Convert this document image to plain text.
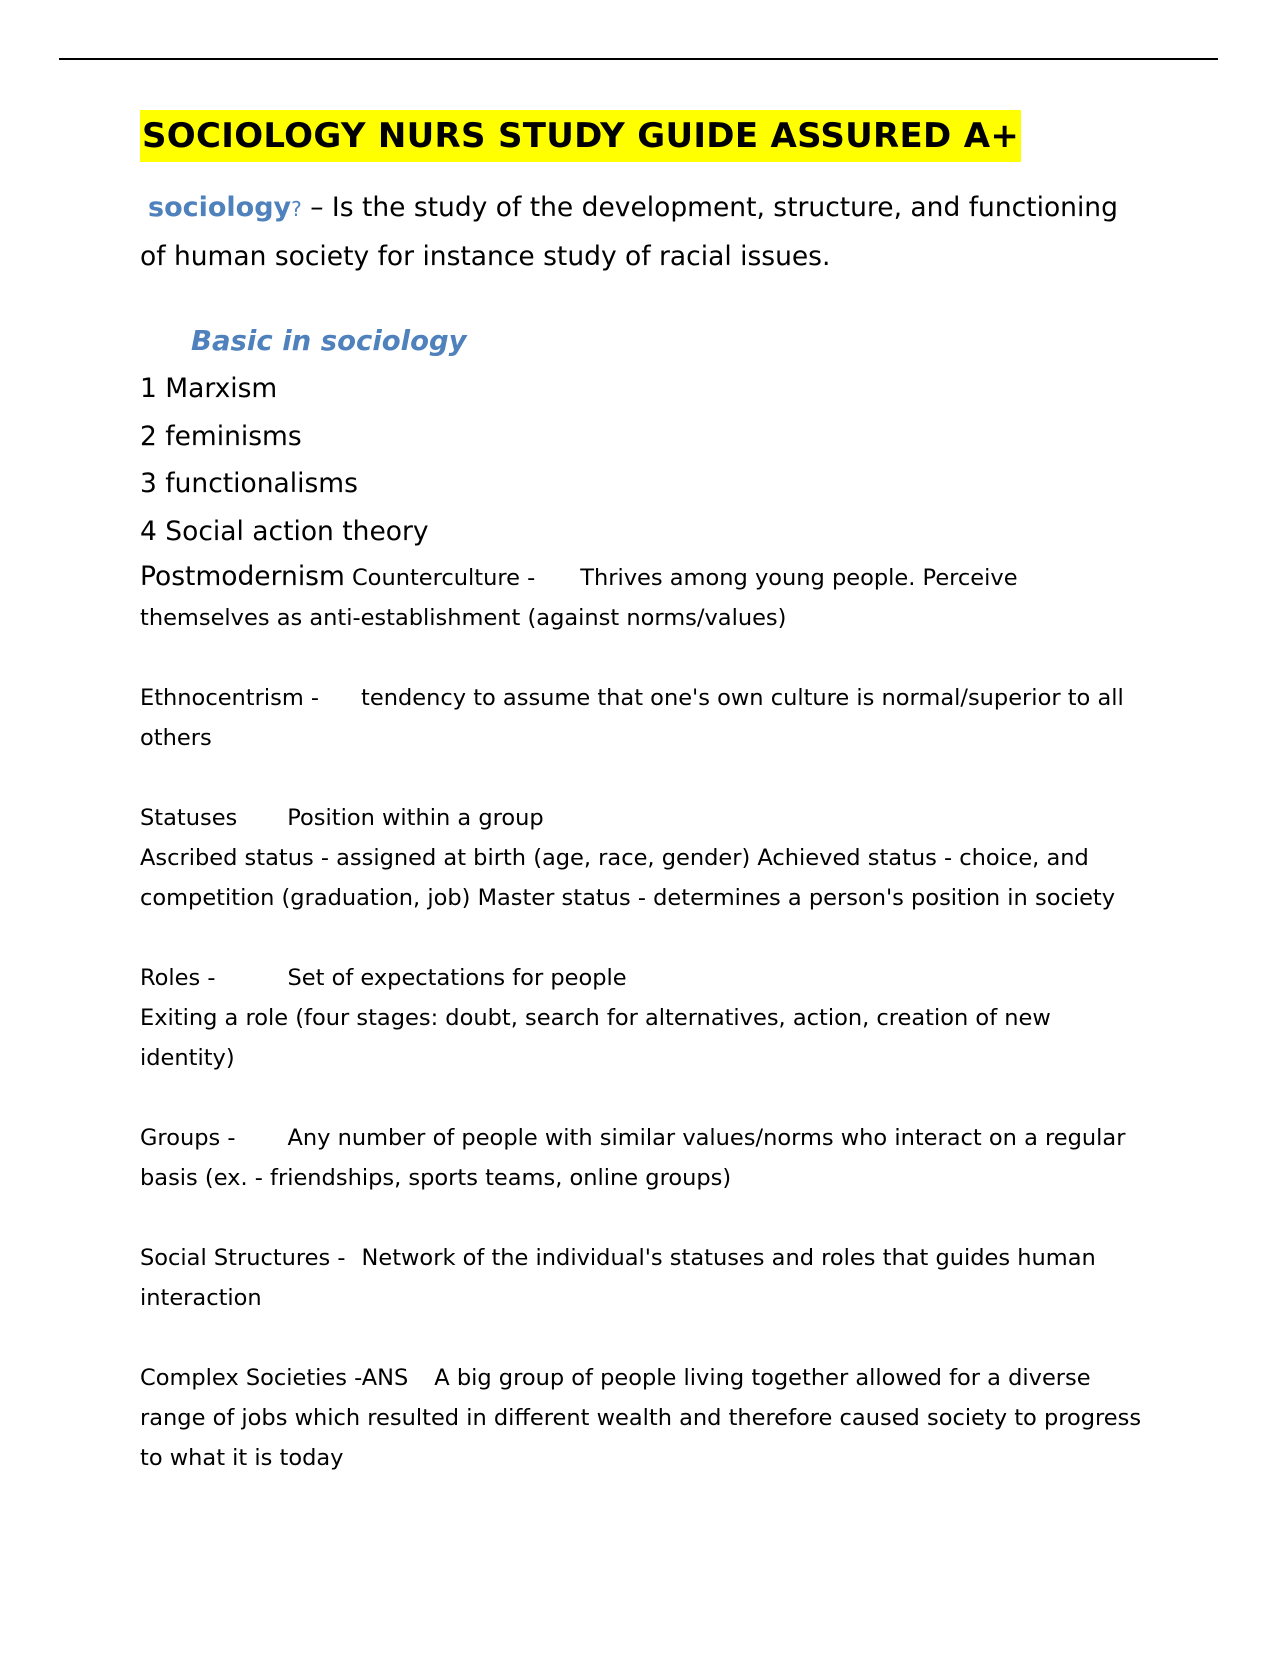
SOCIOLOGY NURS STUDY GUIDE ASSURED A+

sociology? – Is the study of the development, structure, and functioning of human society for instance study of racial issues.

Basic in sociology
1 Marxism
2 feminisms
3 functionalisms
4 Social action theory

Postmodernism Counterculture - Thrives among young people. Perceive themselves as anti-establishment (against norms/values)

Ethnocentrism - tendency to assume that one's own culture is normal/superior to all others

Statuses Position within a group

Ascribed status - assigned at birth (age, race, gender) Achieved status - choice, and competition (graduation, job) Master status - determines a person's position in society

Roles -	Set of expectations for people

Exiting a role (four stages: doubt, search for alternatives, action, creation of new identity)

Groups - Any number of people with similar values/norms who interact on a regular basis (ex. - friendships, sports teams, online groups)

Social Structures - Network of the individual's statuses and roles that guides human interaction

Complex Societies -ANS A big group of people living together allowed for a diverse range of jobs which resulted in different wealth and therefore caused society to progress to what it is today
